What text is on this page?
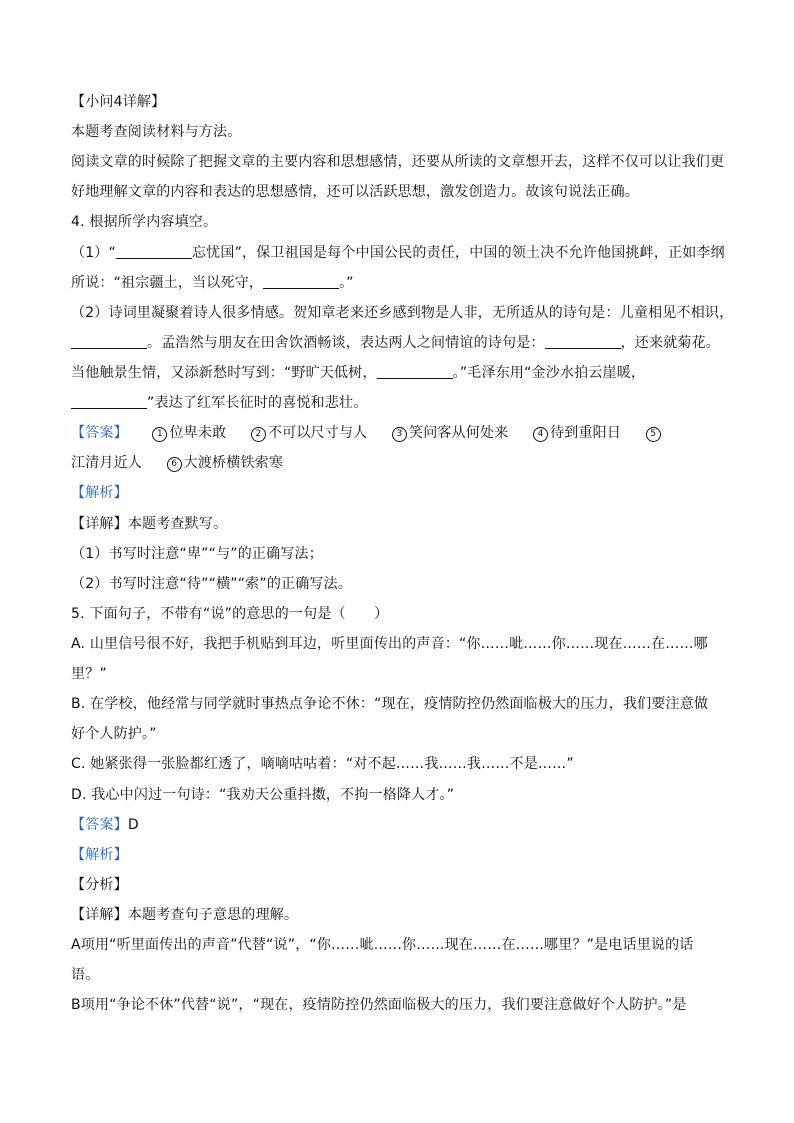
【小问4详解】
本题考查阅读材料与方法。
阅读文章的时候除了把握文章的主要内容和思想感情，还要从所读的文章想开去，这样不仅可以让我们更
好地理解文章的内容和表达的思想感情，还可以活跃思想，激发创造力。故该句说法正确。
4. 根据所学内容填空。
（1）“	忘忧国”，保卫祖国是每个中国公民的责任，中国的领土决不允许他国挑衅，正如李纲
所说：“祖宗疆土，当以死守，	。”
（2）诗词里凝聚着诗人很多情感。贺知章老来还乡感到物是人非，无所适从的诗句是：儿童相见不相识，
。孟浩然与朋友在田舍饮酒畅谈，表达两人之间情谊的诗句是：	，还来就菊花。
当他触景生情，又添新愁时写到：“野旷天低树，	。”毛泽东用“金沙水拍云崖暖，
”表达了红军长征时的喜悦和悲壮。
【答案】	1 位卑未敢	2 不可以尺寸与人	3 笑问客从何处来	4 待到重阳日	5
江清月近人	6 大渡桥横铁索寒
【解析】
【详解】本题考查默写。
（1）书写时注意“卑”“与”的正确写法；
（2）书写时注意“待”“横”“索”的正确写法。
5. 下面句子，不带有“说”的意思的一句是（　　）
A. 山里信号很不好，我把手机贴到耳边，听里面传出的声音：“你……呲……你……现在……在……哪
里？”
B. 在学校，他经常与同学就时事热点争论不休：“现在，疫情防控仍然面临极大的压力，我们要注意做
好个人防护。”
C. 她紧张得一张脸都红透了，嘀嘀咕咕着：“对不起……我……我……不是……”
D. 我心中闪过一句诗：“我劝天公重抖擞，不拘一格降人才。”
【答案】D
【解析】
【分析】
【详解】本题考查句子意思的理解。
A项用“听里面传出的声音”代替“说”，“你……呲……你……现在……在……哪里？”是电话里说的话
语。
B项用“争论不休”代替“说”，“现在，疫情防控仍然面临极大的压力，我们要注意做好个人防护。”是
